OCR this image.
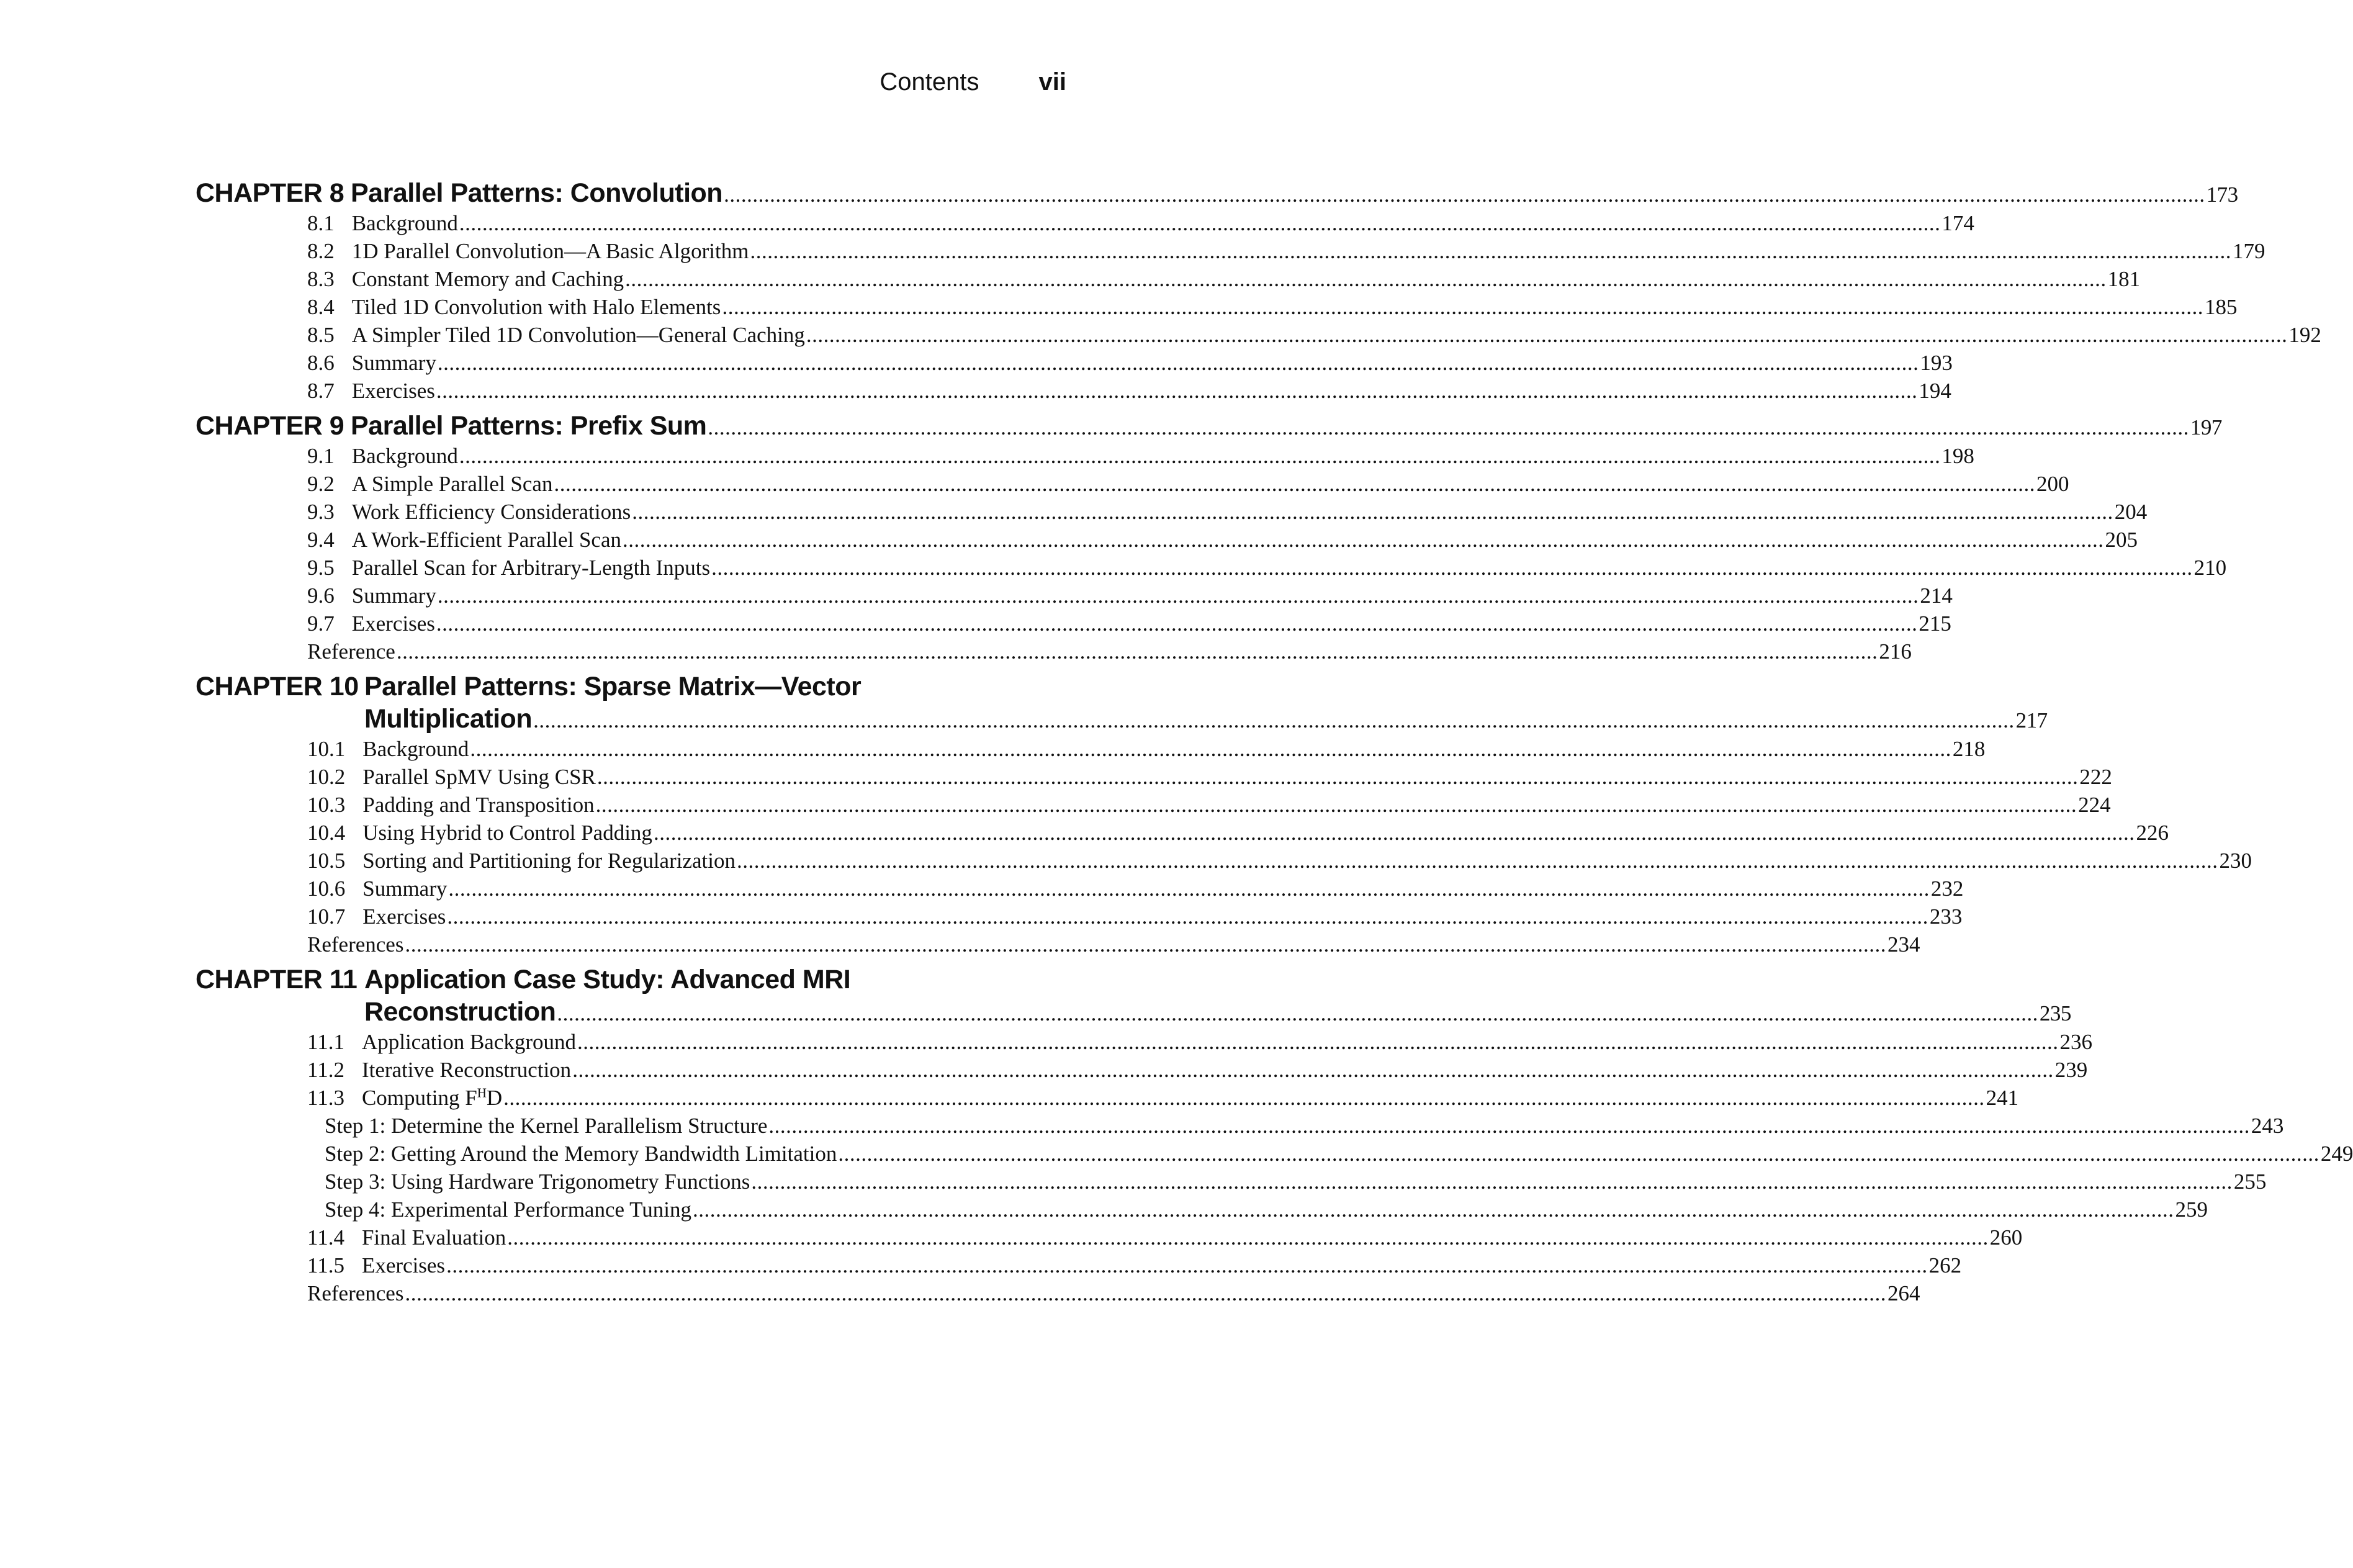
Contents vii
CHAPTER 8 Parallel Patterns: Convolution .....	173
8.1 Background .....	174
8.2 1D Parallel Convolution—A Basic Algorithm .....	179
8.3 Constant Memory and Caching .....	181
8.4 Tiled 1D Convolution with Halo Elements .....	185
8.5 A Simpler Tiled 1D Convolution—General Caching .....	192
8.6 Summary .....	193
8.7 Exercises .....	194
CHAPTER 9 Parallel Patterns: Prefix Sum .....	197
9.1 Background .....	198
9.2 A Simple Parallel Scan .....	200
9.3 Work Efficiency Considerations .....	204
9.4 A Work-Efficient Parallel Scan .....	205
9.5 Parallel Scan for Arbitrary-Length Inputs .....	210
9.6 Summary .....	214
9.7 Exercises .....	215
Reference .....	216
CHAPTER 10 Parallel Patterns: Sparse Matrix—Vector
Multiplication .....	217
10.1 Background .....	218
10.2 Parallel SpMV Using CSR .....	222
10.3 Padding and Transposition .....	224
10.4 Using Hybrid to Control Padding .....	226
10.5 Sorting and Partitioning for Regularization .....	230
10.6 Summary .....	232
10.7 Exercises .....	233
References .....	234
CHAPTER 11 Application Case Study: Advanced MRI
Reconstruction .....	235
11.1 Application Background .....	236
11.2 Iterative Reconstruction .....	239
11.3 Computing $F^HD$ .....	241
Step 1: Determine the Kernel Parallelism Structure .....	243
Step 2: Getting Around the Memory Bandwidth Limitation .....	249
Step 3: Using Hardware Trigonometry Functions .....	255
Step 4: Experimental Performance Tuning .....	259
11.4 Final Evaluation .....	260
11.5 Exercises .....	262
References .....	264
